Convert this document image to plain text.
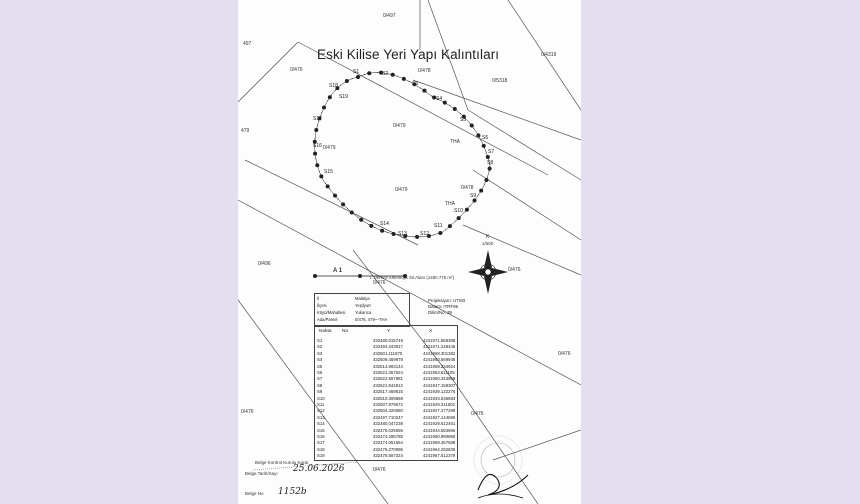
Eski Kilise Yeri Yapı Kalıntıları
0/497
497
0/476
0/4319
0/5318
479
0/478
0/479
0/479
0/479
THA
0/478
THA
0/496
0/476
0/476
0/476	0/476
0/476
0/476
S1	S2
S3
S4
S5
S6
S7
S8
S9
S10
S11
S12
S13
S14
S15
S16
S17
S18
S19
K
1/500
A 1
I. Derece Arkeolojik Sit Alanı (1480.776 m²)
İl	Malatya
İlçesi	Yeşilyurt
Köyü/Mahallesi Yukarıca
Ada/Parsel	0/476, 479—THA
Projeksiyon: UTM3
Datum: ITRF96
Dilim/No: 39
Nokta No	Y	X
S1	432480.015749	4241971.558388
S2	432493.343917	4241971.248445
S3	432501.111870	4241968.301382
S4	432509.459979	4241963.689948
S5	432514.993144	4241959.234924
S6	432521.367624	4241953.611105
S7	432522.557881	4241950.343959
S8	432521.844912	4241947.158307
S9	432517.469815	4241939.122276
S10	432510.309869	4241933.636683
S11	432507.879672	4241929.311602
S12	432504.320080	4241927.277289
S13	432497.710247	4241927.144686
S14	432480.047238	4241929.612461
S15	432476.025656	4241944.583666
S16	432474.285785	4241950.990886
S17	432474.051664	4241958.367588
S18	432476.270996	4241964.282839
S19	432476.567324	4241967.612379
Belge Kontrol Kurulu Karar
Belge Tarih/Sayı 25.06.2026
Belge No 1152b
